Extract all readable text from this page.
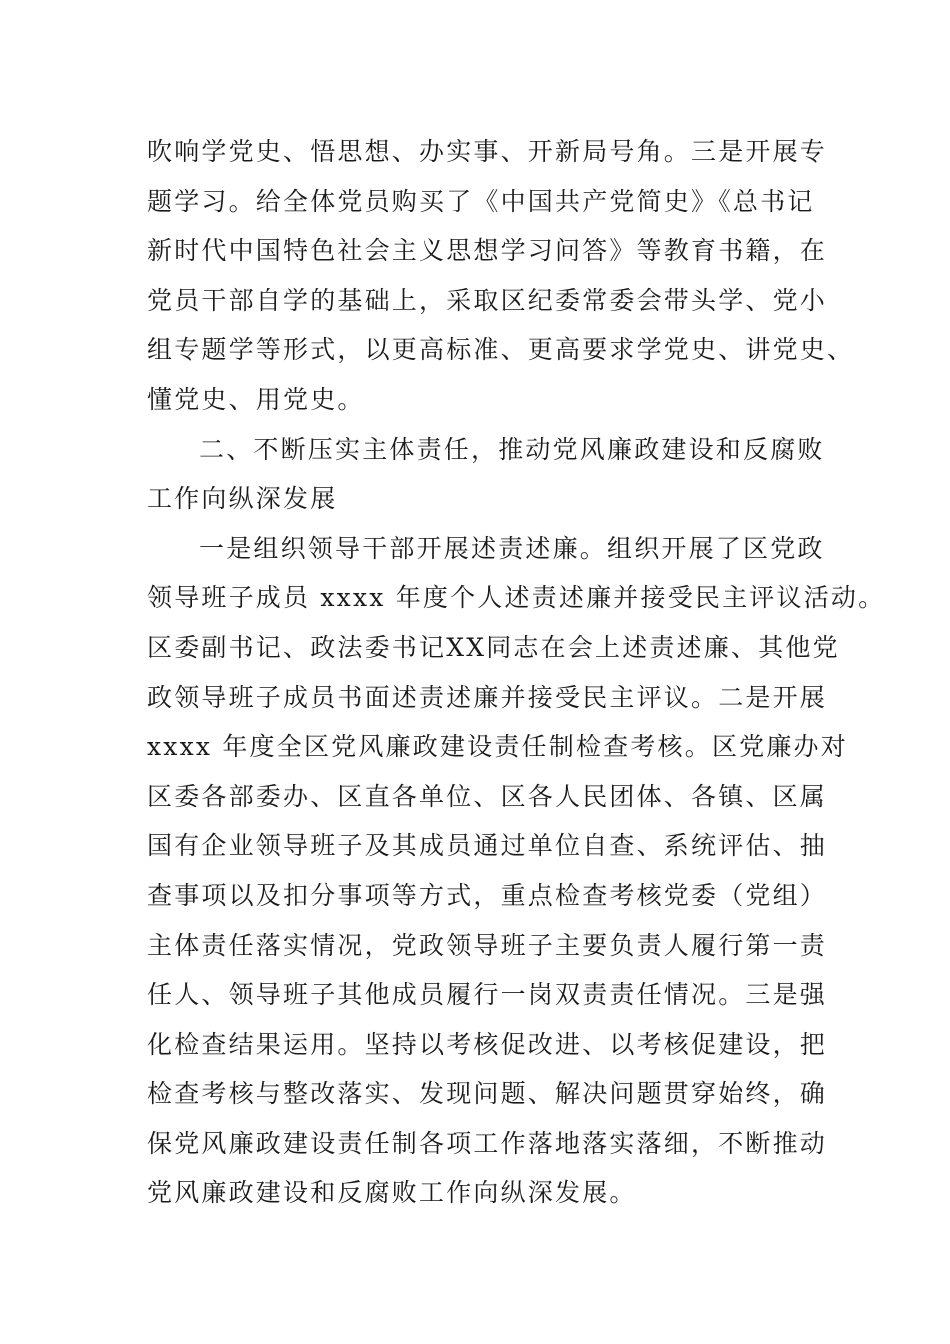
吹响学党史、悟思想、办实事、开新局号角。三是开展专
题学习。给全体党员购买了《中国共产党简史》《总书记
新时代中国特色社会主义思想学习问答》等教育书籍，在
党员干部自学的基础上，采取区纪委常委会带头学、党小
组专题学等形式，以更高标准、更高要求学党史、讲党史、
懂党史、用党史。
二、不断压实主体责任，推动党风廉政建设和反腐败
工作向纵深发展
一是组织领导干部开展述责述廉。组织开展了区党政
领导班子成员 xxxx 年度个人述责述廉并接受民主评议活动。
区委副书记、政法委书记XX同志在会上述责述廉、其他党
政领导班子成员书面述责述廉并接受民主评议。二是开展
xxxx 年度全区党风廉政建设责任制检查考核。区党廉办对
区委各部委办、区直各单位、区各人民团体、各镇、区属
国有企业领导班子及其成员通过单位自查、系统评估、抽
查事项以及扣分事项等方式，重点检查考核党委（党组）
主体责任落实情况，党政领导班子主要负责人履行第一责
任人、领导班子其他成员履行一岗双责责任情况。三是强
化检查结果运用。坚持以考核促改进、以考核促建设，把
检查考核与整改落实、发现问题、解决问题贯穿始终，确
保党风廉政建设责任制各项工作落地落实落细，不断推动
党风廉政建设和反腐败工作向纵深发展。
